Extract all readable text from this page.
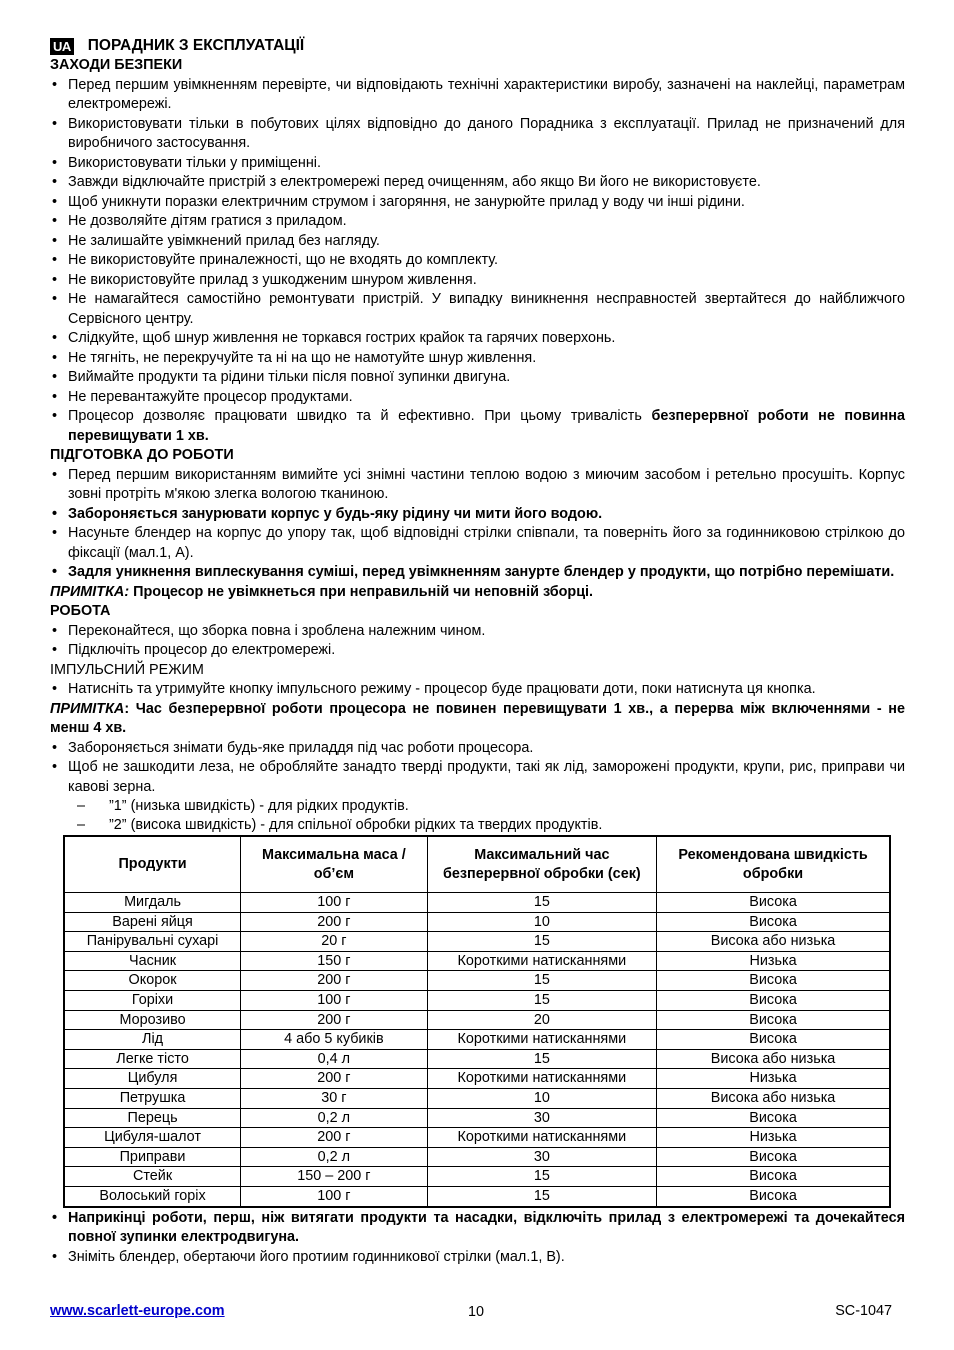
UA ПОРАДНИК З ЕКСПЛУАТАЦІЇ
ЗАХОДИ БЕЗПЕКИ
• Перед першим увімкненням перевірте, чи відповідають технічні характеристики виробу, зазначені на наклейці, параметрам електромережі.
• Використовувати тільки в побутових цілях відповідно до даного Порадника з експлуатації. Прилад не призначений для виробничого застосування.
• Використовувати тільки у приміщенні.
• Завжди відключайте пристрій з електромережі перед очищенням, або якщо Ви його не використовуєте.
• Щоб уникнути поразки електричним струмом і загоряння, не занурюйте прилад у воду чи інші рідини.
• Не дозволяйте дітям гратися з приладом.
• Не залишайте увімкнений прилад без нагляду.
• Не використовуйте приналежності, що не входять до комплекту.
• Не використовуйте прилад з ушкодженим шнуром живлення.
• Не намагайтеся самостійно ремонтувати пристрій. У випадку виникнення несправностей звертайтеся до найближчого Сервісного центру.
• Слідкуйте, щоб шнур живлення не торкався гострих крайок та гарячих поверхонь.
• Не тягніть, не перекручуйте та ні на що не намотуйте шнур живлення.
• Виймайте продукти та рідини тільки після повної зупинки двигуна.
• Не перевантажуйте процесор продуктами.
• Процесор дозволяє працювати швидко та й ефективно. При цьому тривалість безперервної роботи не повинна перевищувати 1 хв.
ПІДГОТОВКА ДО РОБОТИ
• Перед першим використанням вимийте усі знімні частини теплою водою з миючим засобом і ретельно просушіть. Корпус зовні протріть м'якою злегка вологою тканиною.
• Забороняється занурювати корпус у будь-яку рідину чи мити його водою.
• Насуньте блендер на корпус до упору так, щоб відповідні стрілки співпали, та поверніть його за годинниковою стрілкою до фіксації (мал.1, А).
• Задля уникнення виплескування суміші, перед увімкненням занурте блендер у продукти, що потрібно перемішати.
ПРИМІТКА: Процесор не увімкнеться при неправильній чи неповній зборці.
РОБОТА
• Переконайтеся, що зборка повна і зроблена належним чином.
• Підключіть процесор до електромережі.
ІМПУЛЬСНИЙ РЕЖИМ
• Натисніть та утримуйте кнопку імпульсного режиму - процесор буде працювати доти, поки натиснута ця кнопка.
ПРИМІТКА: Час безперервної роботи процесора не повинен перевищувати 1 хв., а перерва між включеннями - не менш 4 хв.
• Забороняється знімати будь-яке приладдя під час роботи процесора.
• Щоб не зашкодити леза, не обробляйте занадто тверді продукти, такі як лід, заморожені продукти, крупи, рис, приправи чи кавові зерна.
– ”1” (низька швидкість) - для рідких продуктів.
– ”2” (висока швидкість) - для спільної обробки рідких та твердих продуктів.
Продукти	Максимальна маса / об’єм	Максимальний час безперервної обробки (сек)	Рекомендована швидкість обробки
Мигдаль	100 г	15	Висока
Варені яйця	200 г	10	Висока
Панірувальні сухарі	20 г	15	Висока або низька
Часник	150 г	Короткими натисканнями	Низька
Окорок	200 г	15	Висока
Горіхи	100 г	15	Висока
Морозиво	200 г	20	Висока
Лід	4 або 5 кубиків	Короткими натисканнями	Висока
Легке тісто	0,4 л	15	Висока або низька
Цибуля	200 г	Короткими натисканнями	Низька
Петрушка	30 г	10	Висока або низька
Перець	0,2 л	30	Висока
Цибуля-шалот	200 г	Короткими натисканнями	Низька
Приправи	0,2 л	30	Висока
Стейк	150 – 200 г	15	Висока
Волоський горіх	100 г	15	Висока
• Наприкінці роботи, перш, ніж витягати продукти та насадки, відключіть прилад з електромережі та дочекайтеся повної зупинки електродвигуна.
• Зніміть блендер, обертаючи його протиим годинникової стрілки (мал.1, В).
www.scarlett-europe.com	10	SC-1047
